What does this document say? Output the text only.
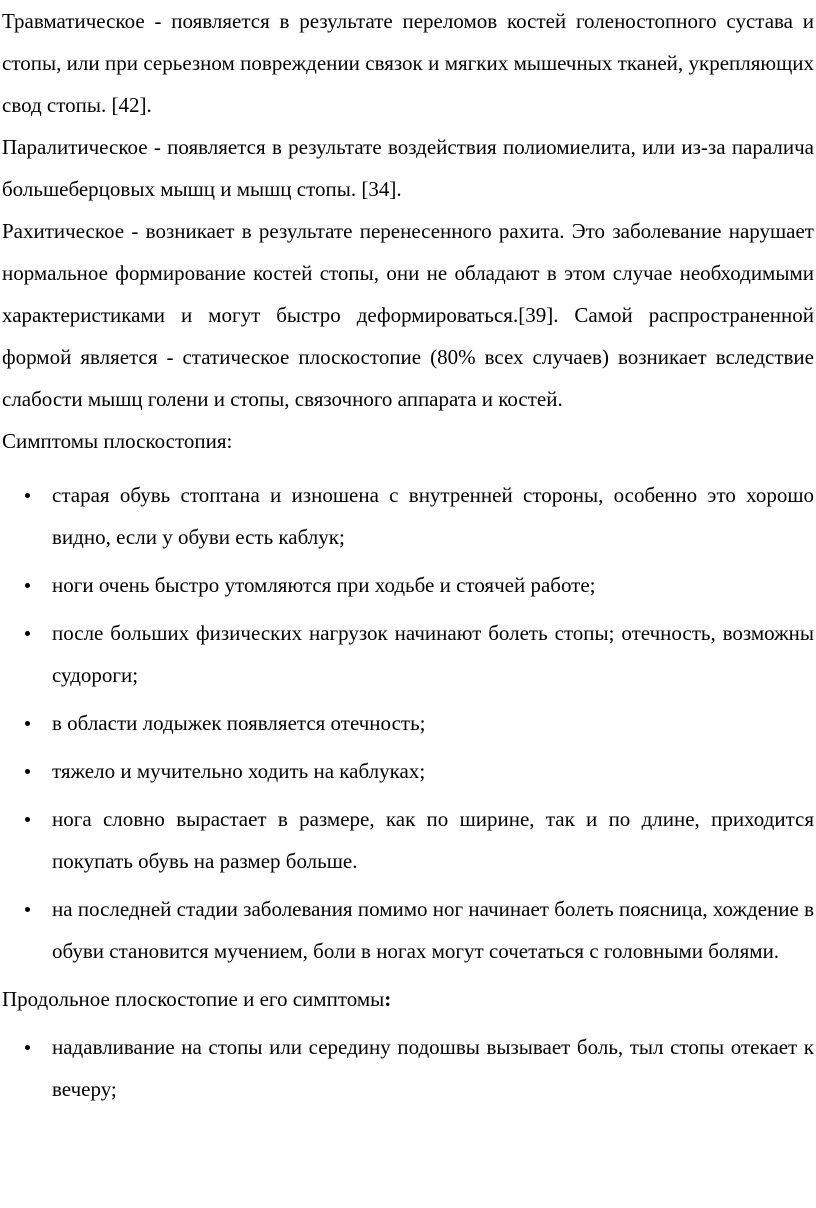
Травматическое - появляется в результате переломов костей голеностопного сустава и стопы, или при серьезном повреждении связок и мягких мышечных тканей, укрепляющих свод стопы. [42].

Паралитическое - появляется в результате воздействия полиомиелита, или из-за паралича большеберцовых мышц и мышц стопы. [34].

Рахитическое - возникает в результате перенесенного рахита. Это заболевание нарушает нормальное формирование костей стопы, они не обладают в этом случае необходимыми характеристиками и могут быстро деформироваться.[39]. Самой распространенной формой является - статическое плоскостопие (80% всех случаев) возникает вследствие слабости мышц голени и стопы, связочного аппарата и костей.

Симптомы плоскостопия:

старая обувь стоптана и изношена с внутренней стороны, особенно это хорошо видно, если у обуви есть каблук;
ноги очень быстро утомляются при ходьбе и стоячей работе;
после больших физических нагрузок начинают болеть стопы; отечность, возможны судороги;
в области лодыжек появляется отечность;
тяжело и мучительно ходить на каблуках;
нога словно вырастает в размере, как по ширине, так и по длине, приходится покупать обувь на размер больше.
на последней стадии заболевания помимо ног начинает болеть поясница, хождение в обуви становится мучением, боли в ногах могут сочетаться с головными болями.

Продольное плоскостопие и его симптомы:

надавливание на стопы или середину подошвы вызывает боль, тыл стопы отекает к вечеру;
